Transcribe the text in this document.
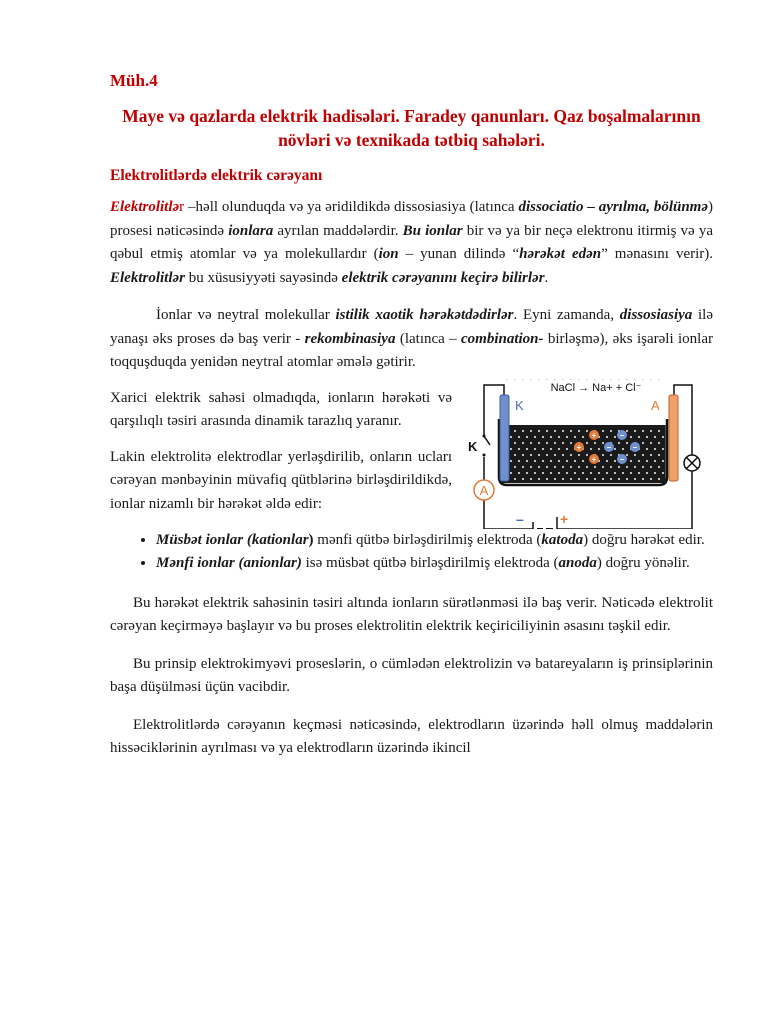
Müh.4
Maye və qazlarda elektrik hadisələri. Faradey qanunları. Qaz boşalmalarının növləri və texnikada tətbiq sahələri.
Elektrolitlərdə elektrik cərəyanı

Elektrolitlər –həll olunduqda və ya əridildikdə dissosiasiya (latınca dissociatio – ayrılma, bölünmə) prosesi nəticəsində ionlara ayrılan maddələrdir. Bu ionlar bir və ya bir neçə elektronu itirmiş və ya qəbul etmiş atomlar və ya molekullardır (ion – yunan dilində “hərəkət edən” mənasını verir). Elektrolitlər bu xüsusiyyəti sayəsində elektrik cərəyanını keçirə bilirlər.

İonlar və neytral molekullar istilik xaotik hərəkətdədirlər. Eyni zamanda, dissosiasiya ilə yanaşı əks proses də baş verir - rekombinasiya (latınca – combination- birləşmə), əks işarəli ionlar toqquşduqda yenidən neytral atomlar əmələ gətirir.

Xarici elektrik sahəsi olmadıqda, ionların hərəkəti və qarşılıqlı təsiri arasında dinamik tarazlıq yaranır.

Lakin elektrolitə elektrodlar yerləşdirilib, onların ucları cərəyan mənbəyinin müvafiq qütblərinə birləşdirildikdə, ionlar nizamlı bir hərəkət əldə edir:

K
A
–	+
K	A
NaCl → Na+ + Cl⁻
+
+
+
–
–	–
–
• Müsbət ionlar (kationlar) mənfi qütbə birləşdirilmiş elektroda (katoda) doğru hərəkət edir.
• Mənfi ionlar (anionlar) isə müsbət qütbə birləşdirilmiş elektroda (anoda) doğru yönəlir.

Bu hərəkət elektrik sahəsinin təsiri altında ionların sürətlənməsi ilə baş verir. Nəticədə elektrolit cərəyan keçirməyə başlayır və bu proses elektrolitin elektrik keçiriciliyinin əsasını təşkil edir.

Bu prinsip elektrokimyəvi proseslərin, o cümlədən elektrolizin və batareyaların iş prinsiplərinin başa düşülməsi üçün vacibdir.

Elektrolitlərdə cərəyanın keçməsi nəticəsində, elektrodların üzərində həll olmuş maddələrin hissəciklərinin ayrılması və ya elektrodların üzərində ikincil
